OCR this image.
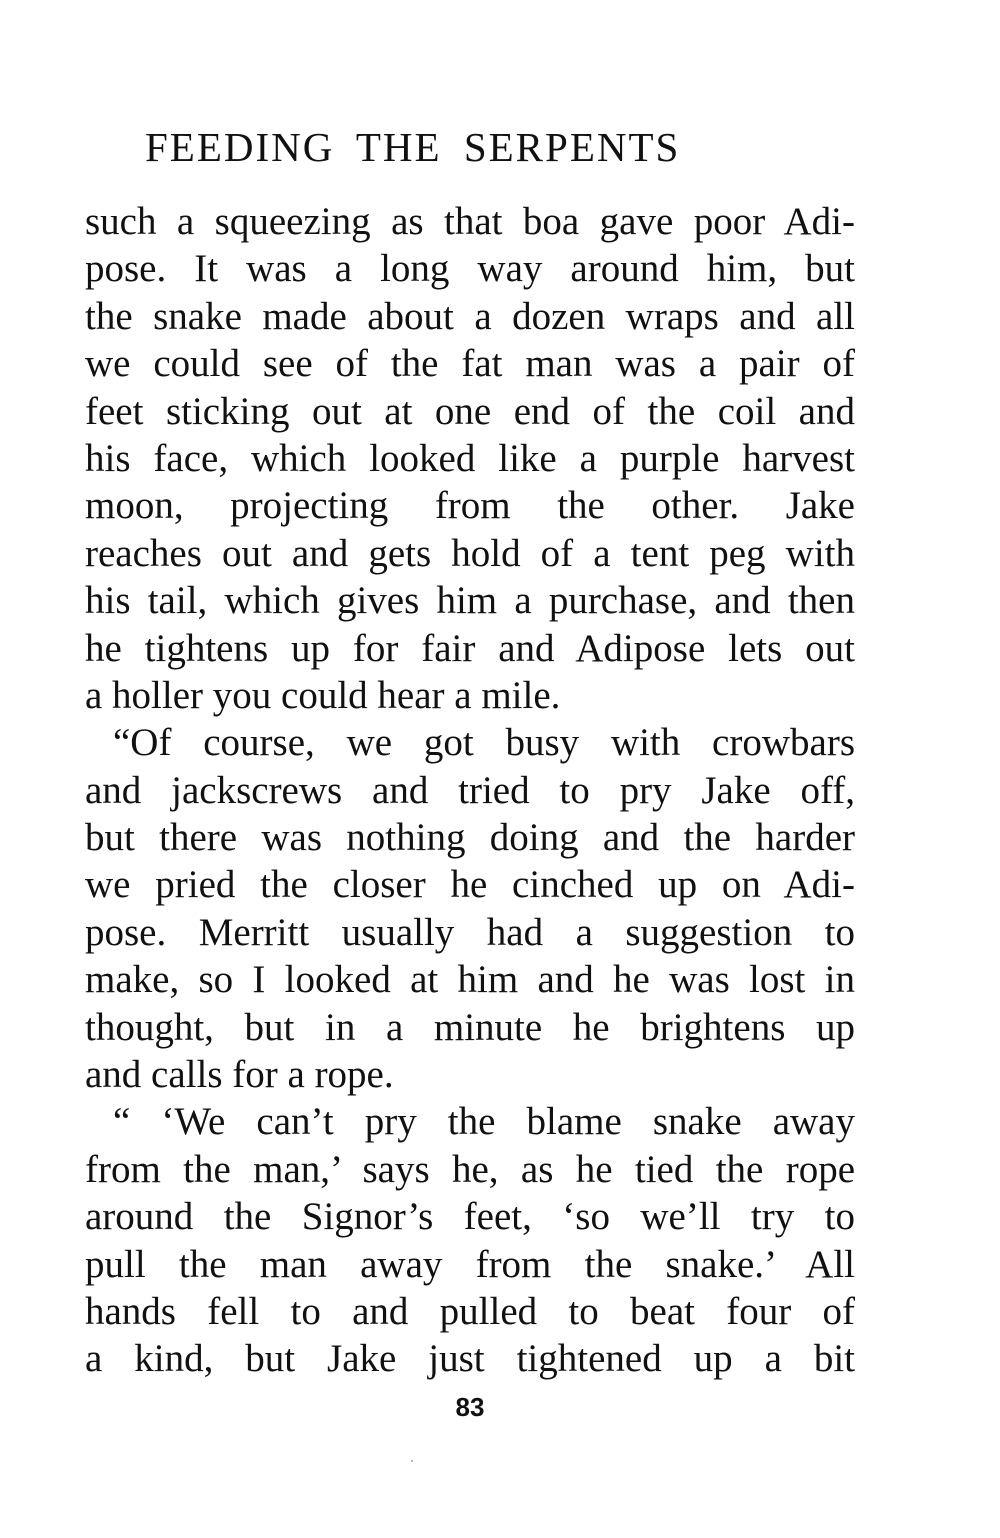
FEEDING THE SERPENTS
such a squeezing as that boa gave poor Adi-
pose. It was a long way around him, but
the snake made about a dozen wraps and all
we could see of the fat man was a pair of
feet sticking out at one end of the coil and
his face, which looked like a purple harvest
moon, projecting from the other. Jake
reaches out and gets hold of a tent peg with
his tail, which gives him a purchase, and then
he tightens up for fair and Adipose lets out
a holler you could hear a mile.
“Of course, we got busy with crowbars
and jackscrews and tried to pry Jake off,
but there was nothing doing and the harder
we pried the closer he cinched up on Adi-
pose. Merritt usually had a suggestion to
make, so I looked at him and he was lost in
thought, but in a minute he brightens up
and calls for a rope.
“ ‘We can’t pry the blame snake away
from the man,’ says he, as he tied the rope
around the Signor’s feet, ‘so we’ll try to
pull the man away from the snake.’ All
hands fell to and pulled to beat four of
a kind, but Jake just tightened up a bit
83
